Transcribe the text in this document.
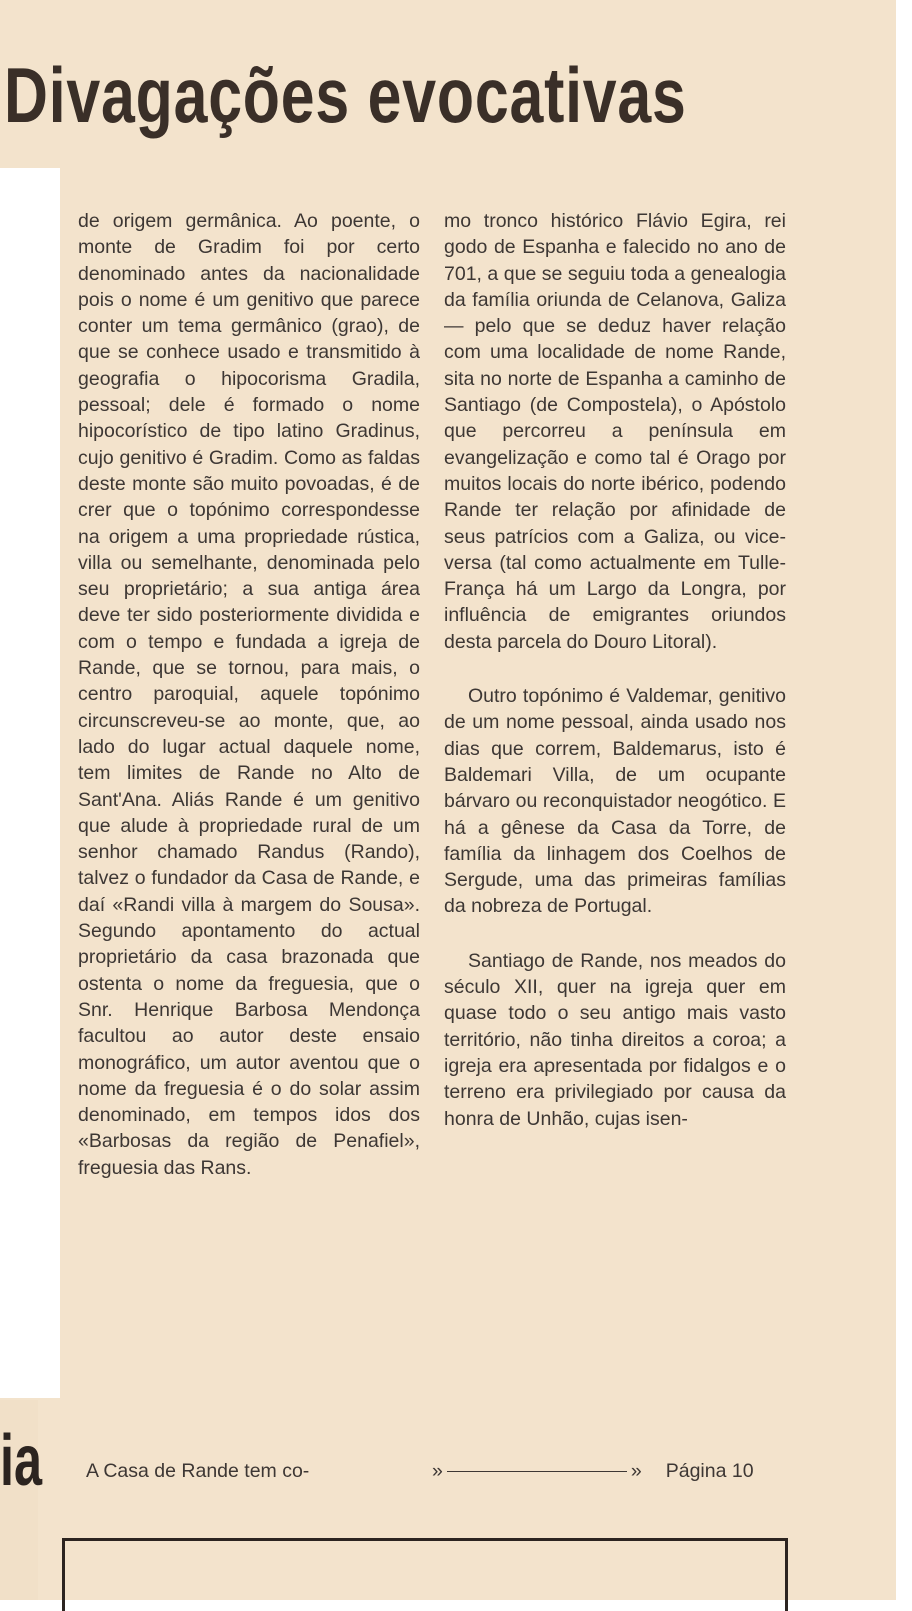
Divagações evocativas

de origem germânica. Ao poente, o monte de Gradim foi por certo denominado antes da nacionalidade pois o nome é um genitivo que parece conter um tema germânico (grao), de que se conhece usado e transmitido à geografia o hipocorisma Gradila, pessoal; dele é formado o nome hipocorístico de tipo latino Gradinus, cujo genitivo é Gradim. Como as faldas deste monte são muito povoadas, é de crer que o topónimo correspondesse na origem a uma propriedade rústica, villa ou semelhante, denominada pelo seu proprietário; a sua antiga área deve ter sido posteriormente dividida e com o tempo e fundada a igreja de Rande, que se tornou, para mais, o centro paroquial, aquele topónimo circunscreveu-se ao monte, que, ao lado do lugar actual daquele nome, tem limites de Rande no Alto de Sant'Ana. Aliás Rande é um genitivo que alude à propriedade rural de um senhor chamado Randus (Rando), talvez o fundador da Casa de Rande, e daí «Randi villa à margem do Sousa». Segundo apontamento do actual proprietário da casa brazonada que ostenta o nome da freguesia, que o Snr. Henrique Barbosa Mendonça facultou ao autor deste ensaio monográfico, um autor aventou que o nome da freguesia é o do solar assim denominado, em tempos idos dos «Barbosas da região de Penafiel», freguesia das Rans.

mo tronco histórico Flávio Egira, rei godo de Espanha e falecido no ano de 701, a que se seguiu toda a genealogia da família oriunda de Celanova, Galiza — pelo que se deduz haver relação com uma localidade de nome Rande, sita no norte de Espanha a caminho de Santiago (de Compostela), o Apóstolo que percorreu a península em evangelização e como tal é Orago por muitos locais do norte ibérico, podendo Rande ter relação por afinidade de seus patrícios com a Galiza, ou vice-versa (tal como actualmente em Tulle-França há um Largo da Longra, por influência de emigrantes oriundos desta parcela do Douro Litoral).

Outro topónimo é Valdemar, genitivo de um nome pessoal, ainda usado nos dias que correm, Baldemarus, isto é Baldemari Villa, de um ocupante bárvaro ou reconquistador neogótico. E há a gênese da Casa da Torre, de família da linhagem dos Coelhos de Sergude, uma das primeiras famílias da nobreza de Portugal.

Santiago de Rande, nos meados do século XII, quer na igreja quer em quase todo o seu antigo mais vasto território, não tinha direitos a coroa; a igreja era apresentada por fidalgos e o terreno era privilegiado por causa da honra de Unhão, cujas isen-

ia A Casa de Rande tem co-	»	» Página 10
